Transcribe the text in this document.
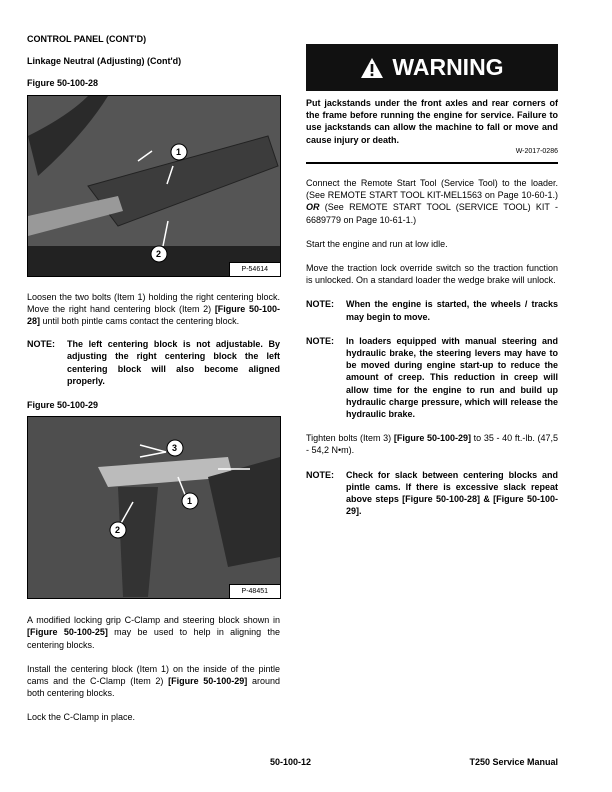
CONTROL PANEL (CONT'D)

Linkage Neutral (Adjusting) (Cont'd)

Figure 50-100-28

1
2
P-54614

Loosen the two bolts (Item 1) holding the right centering block. Move the right hand centering block (Item 2) [Figure 50-100-28] until both pintle cams contact the centering block.

NOTE:	The left centering block is not adjustable. By adjusting the right centering block the left centering block will also become aligned properly.

Figure 50-100-29

3
1
2
P-48451

A modified locking grip C-Clamp and steering block shown in [Figure 50-100-25] may be used to help in aligning the centering blocks.

Install the centering block (Item 1) on the inside of the pintle cams and the C-Clamp (Item 2) [Figure 50-100-29] around both centering blocks.

Lock the C-Clamp in place.

WARNING

Put jackstands under the front axles and rear corners of the frame before running the engine for service. Failure to use jackstands can allow the machine to fall or move and cause injury or death.

W-2017-0286

Connect the Remote Start Tool (Service Tool) to the loader. (See REMOTE START TOOL KIT-MEL1563 on Page 10-60-1.) OR (See REMOTE START TOOL (SERVICE TOOL) KIT - 6689779 on Page 10-61-1.)

Start the engine and run at low idle.

Move the traction lock override switch so the traction function is unlocked. On a standard loader the wedge brake will unlock.

NOTE:	When the engine is started, the wheels / tracks may begin to move.
NOTE:	In loaders equipped with manual steering and hydraulic brake, the steering levers may have to be moved during engine start-up to reduce the amount of creep. This reduction in creep will allow time for the engine to run and build up hydraulic charge pressure, which will release the hydraulic brake.

Tighten bolts (Item 3) [Figure 50-100-29] to 35 - 40 ft.-lb. (47,5 - 54,2 N•m).

NOTE:	Check for slack between centering blocks and pintle cams. If there is excessive slack repeat above steps [Figure 50-100-28] & [Figure 50-100-29].
50-100-12	T250 Service Manual
